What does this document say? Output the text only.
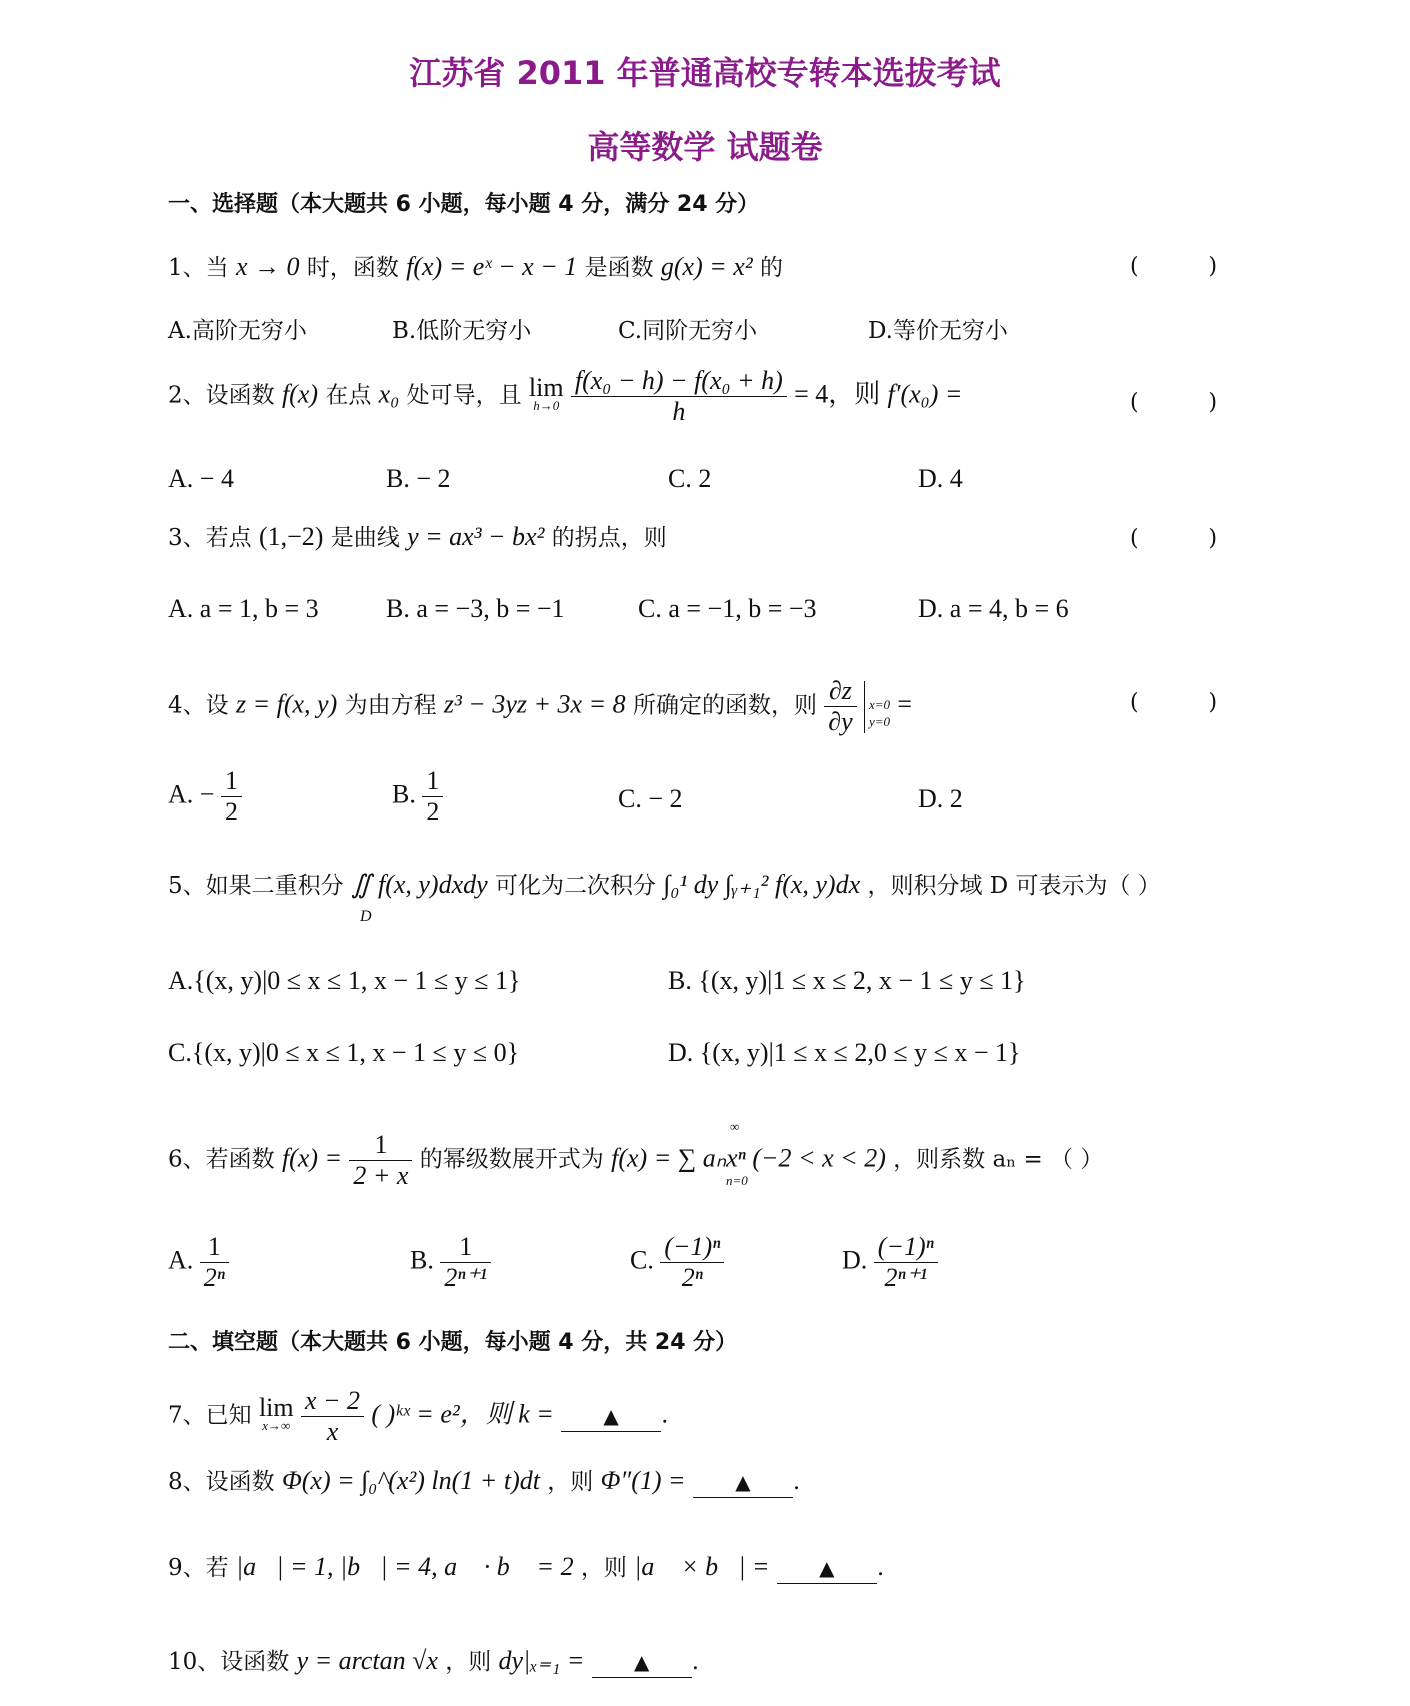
江苏省 2011 年普通高校专转本选拔考试
高等数学 试题卷
一、选择题（本大题共 6 小题，每小题 4 分，满分 24 分）
1、当 x → 0 时，函数 f(x) = eˣ − x − 1 是函数 g(x) = x² 的	(          )
A.高阶无穷小	B.低阶无穷小	C.同阶无穷小	D.等价无穷小
2、设函数 f(x) 在点 x₀ 处可导，且 lim
h→0
$\frac{\text{f(x₀ − h) − f(x₀ + h)}}{h} = 4$，则 f′(x₀) =	(          )
A. − 4	B. − 2	C. 2	D. 4
3、若点 (1,−2) 是曲线 y = ax³ − bx² 的拐点，则	(          )
A. a = 1, b = 3	B. a = −3, b = −1	C. a = −1, b = −3	D. a = 4, b = 6
4、设 z = f(x, y) 为由方程 z³ − 3yz + 3x = 8 所确定的函数，则 $\frac{\partial z}{\partial y}$
x=0
y=0 =	(          )
A. − $\frac{1}{2}$	B. $\frac{1}{2}$	C. − 2	D. 2
5、如果二重积分 ∬ f(x, y)dxdy 可化为二次积分 ∫₀¹ dy ∫ᵧ₊₁² f(x, y)dx ，则积分域 D 可表示为（ ）
D
A.{(x, y)|0 ≤ x ≤ 1, x − 1 ≤ y ≤ 1}	B. {(x, y)|1 ≤ x ≤ 2, x − 1 ≤ y ≤ 1}
C.{(x, y)|0 ≤ x ≤ 1, x − 1 ≤ y ≤ 0}	D. {(x, y)|1 ≤ x ≤ 2,0 ≤ y ≤ x − 1}
6、若函数 $f(x) = \frac{1}{2 + x}$ 的幂级数展开式为 f(x) = ∑ aₙxⁿ (−2 < x < 2) ，则系数 aₙ = （ ）
∞
n=0
A. $\frac{1}{\text{2ⁿ}}$	B. $\frac{1}{\text{2ⁿ⁺¹}}$	C. $\frac{\text{(−1)ⁿ}}{\text{2ⁿ}}$	D. $\frac{\text{(−1)ⁿ}}{\text{2ⁿ⁺¹}}$
二、填空题（本大题共 6 小题，每小题 4 分，共 24 分）
7、已知 lim
x→∞
$\frac{x - 2}{x}$ ( )ᵏˣ = e²，则 k = ▲ .
8、设函数 Φ(x) = ∫₀^(x²) ln(1 + t)dt ，则 Φ″(1) = ▲ .
9、若 |a⃗| = 1, |b⃗| = 4, a⃗ · b⃗ = 2 ，则 |a⃗ × b⃗| = ▲ .
10、设函数 y = arctan √x ，则 dy|ₓ₌₁ = ▲ .
